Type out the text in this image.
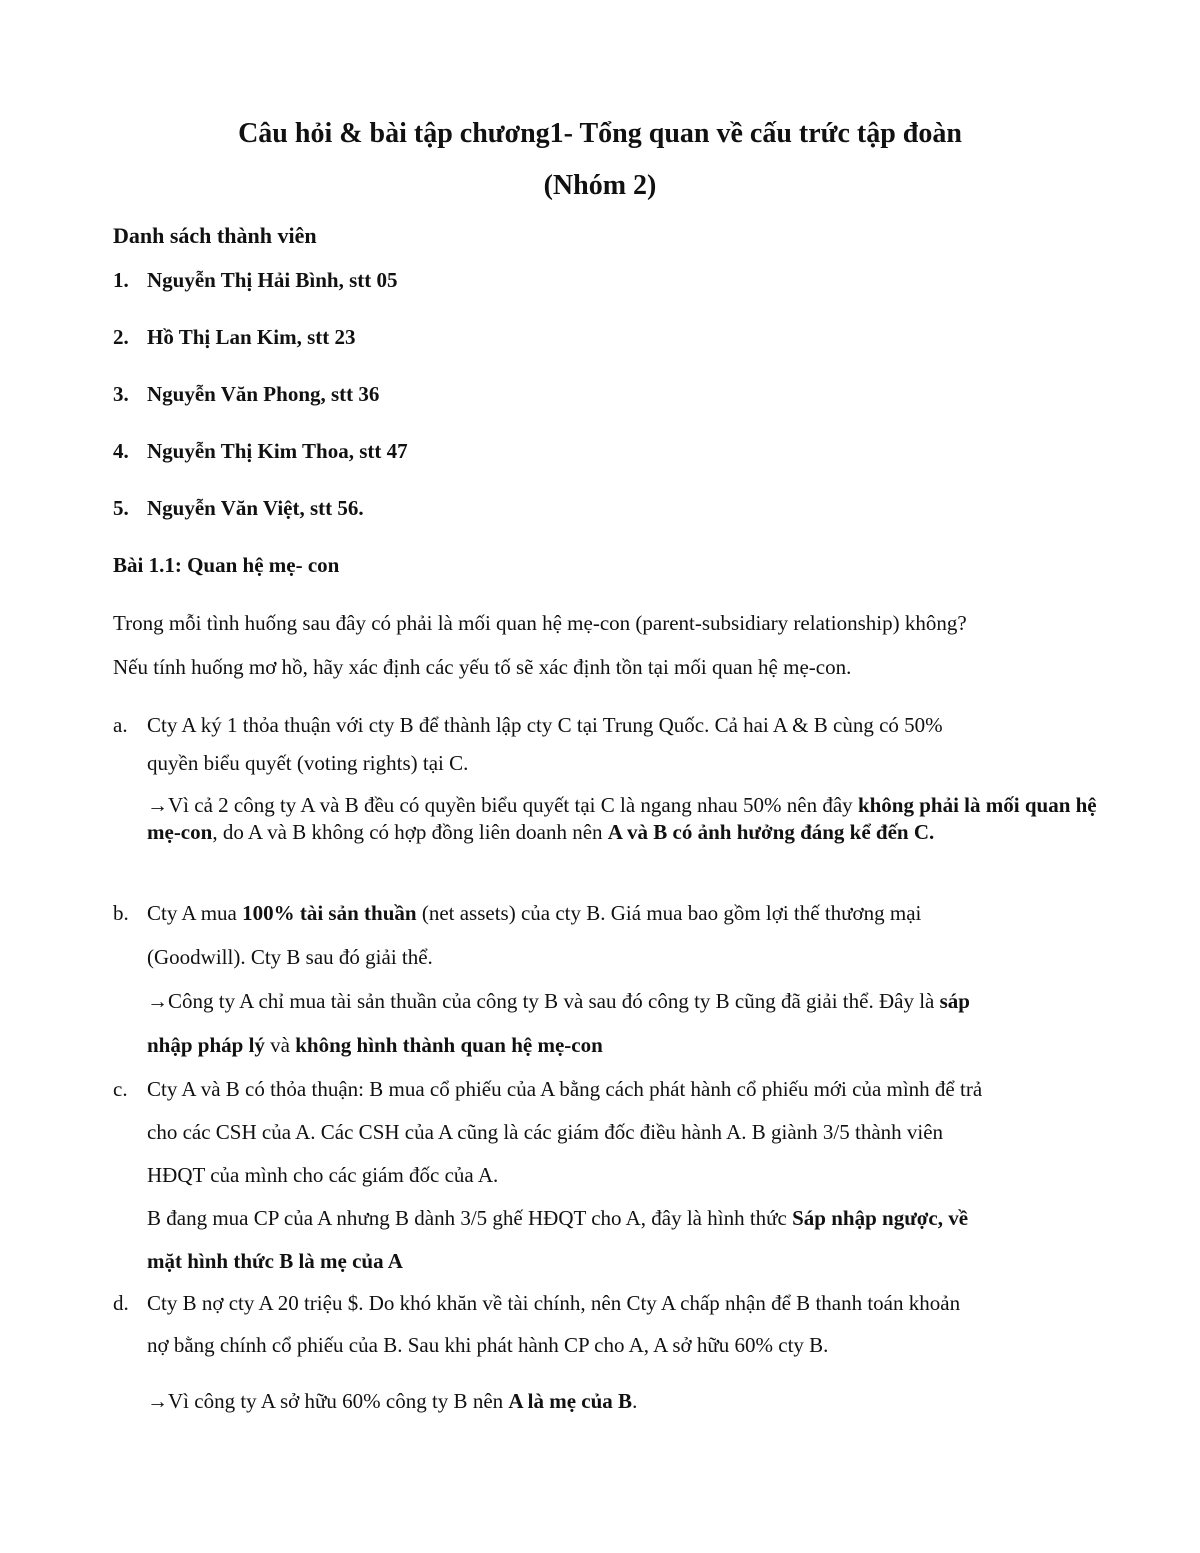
Câu hỏi & bài tập chương1- Tổng quan về cấu trức tập đoàn
(Nhóm 2)
Danh sách thành viên
1. Nguyễn Thị Hải Bình, stt 05
2. Hồ Thị Lan Kim, stt 23
3. Nguyễn Văn Phong, stt 36
4. Nguyễn Thị Kim Thoa, stt 47
5. Nguyễn Văn Việt, stt 56.
Bài 1.1: Quan hệ mẹ- con
Trong mỗi tình huống sau đây có phải là mối quan hệ mẹ-con (parent-subsidiary relationship) không?
Nếu tính huống mơ hồ, hãy xác định các yếu tố sẽ xác định tồn tại mối quan hệ mẹ-con.
a. Cty A ký 1 thỏa thuận với cty B để thành lập cty C tại Trung Quốc. Cả hai A & B cùng có 50%
quyền biểu quyết (voting rights) tại C.
→Vì cả 2 công ty A và B đều có quyền biểu quyết tại C là ngang nhau 50% nên đây không phải là mối quan hệ mẹ-con, do A và B không có hợp đồng liên doanh nên A và B có ảnh hưởng đáng kể đến C.
b. Cty A mua 100% tài sản thuần (net assets) của cty B. Giá mua bao gồm lợi thế thương mại
(Goodwill). Cty B sau đó giải thể.
→Công ty A chỉ mua tài sản thuần của công ty B và sau đó công ty B cũng đã giải thể. Đây là sáp
nhập pháp lý và không hình thành quan hệ mẹ-con
c. Cty A và B có thỏa thuận: B mua cổ phiếu của A bằng cách phát hành cổ phiếu mới của mình để trả
cho các CSH của A. Các CSH của A cũng là các giám đốc điều hành A. B giành 3/5 thành viên
HĐQT của mình cho các giám đốc của A.
B đang mua CP của A nhưng B dành 3/5 ghế HĐQT cho A, đây là hình thức Sáp nhập ngược, về
mặt hình thức B là mẹ của A
d. Cty B nợ cty A 20 triệu $. Do khó khăn về tài chính, nên Cty A chấp nhận để B thanh toán khoản
nợ bằng chính cổ phiếu của B. Sau khi phát hành CP cho A, A sở hữu 60% cty B.
→Vì công ty A sở hữu 60% công ty B nên A là mẹ của B.
